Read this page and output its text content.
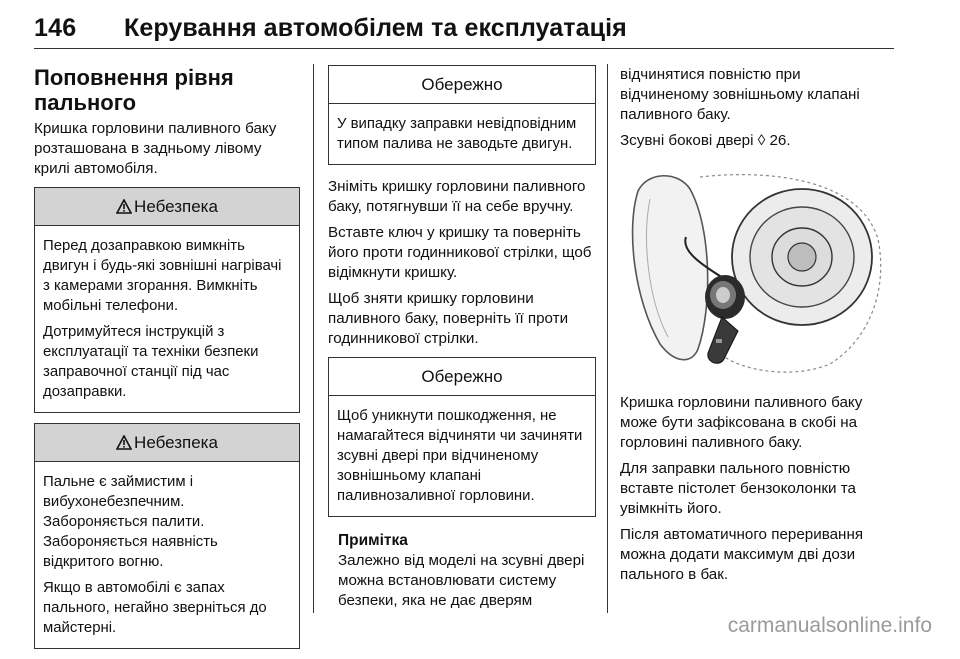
146 Керування автомобілем та експлуатація
Поповнення рівня пального

Кришка горловини паливного баку розташована в задньому лівому крилі автомобіля.

Небезпека

Перед дозаправкою вимкніть двигун і будь-які зовнішні нагрівачі з камерами згорання. Вимкніть мобільні телефони.

Дотримуйтеся інструкцій з експлуатації та техніки безпеки заправочної станції під час дозаправки.

Небезпека

Пальне є займистим і вибухонебезпечним. Забороняється палити. Забороняється наявність відкритого вогню.

Якщо в автомобілі є запах пального, негайно зверніться до майстерні.

Обережно

У випадку заправки невідповідним типом палива не заводьте двигун.

Зніміть кришку горловини паливного баку, потягнувши її на себе вручну.

Вставте ключ у кришку та поверніть його проти годинникової стрілки, щоб відімкнути кришку.

Щоб зняти кришку горловини паливного баку, поверніть її проти годинникової стрілки.

Обережно

Щоб уникнути пошкодження, не намагайтеся відчиняти чи зачиняти зсувні двері при відчиненому зовнішньому клапані паливнозаливної горловини.

Примітка

Залежно від моделі на зсувні двері можна встановлювати систему безпеки, яка не дає дверям

відчинятися повністю при відчиненому зовнішньому клапані паливного баку.

Зсувні бокові двері ◊ 26.

Кришка горловини паливного баку може бути зафіксована в скобі на горловині паливного баку.

Для заправки пального повністю вставте пістолет бензоколонки та увімкніть його.

Після автоматичного переривання можна додати максимум дві дози пального в бак.

carmanualsonline.info
